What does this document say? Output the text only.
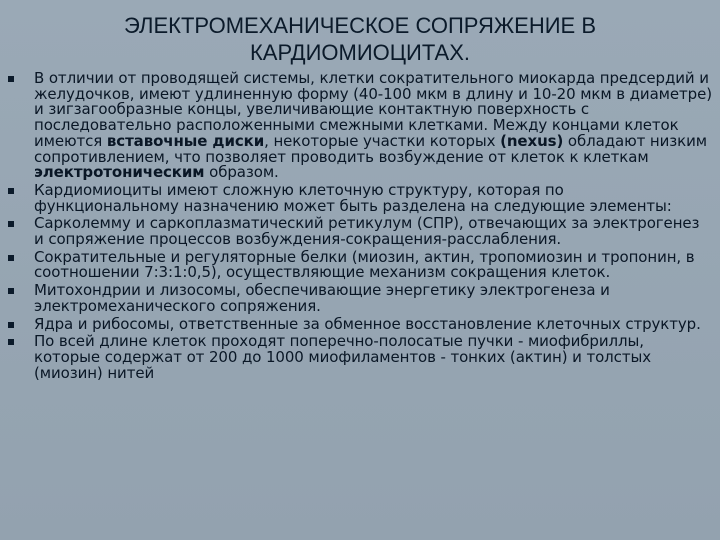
ЭЛЕКТРОМЕХАНИЧЕСКОЕ СОПРЯЖЕНИЕ В
КАРДИОМИОЦИТАХ.
В отличии от проводящей системы, клетки сократительного миокарда предсердий и желудочков, имеют удлиненную форму (40-100 мкм в длину и 10-20 мкм в диаметре) и зигзагообразные концы, увеличивающие контактную поверхность с последовательно расположенными смежными клетками. Между концами клеток имеются вставочные диски, некоторые участки которых (nexus) обладают низким сопротивлением, что позволяет проводить возбуждение от клеток к клеткам электротоническим образом.
Кардиомиоциты имеют сложную клеточную структуру, которая по функциональному назначению может быть разделена на следующие элементы:
Сарколемму и саркоплазматический ретикулум (СПР), отвечающих за электрогенез и сопряжение процессов возбуждения-сокращения-расслабления.
Сократительные и регуляторные белки (миозин, актин, тропомиозин и тропонин, в соотношении 7:3:1:0,5), осуществляющие механизм сокращения клеток.
Митохондрии и лизосомы, обеспечивающие энергетику электрогенеза и электромеханического сопряжения.
Ядра и рибосомы, ответственные за обменное восстановление клеточных структур.
По всей длине клеток проходят поперечно-полосатые пучки - миофибриллы, которые содержат от 200 до 1000 миофиламентов - тонких (актин) и толстых (миозин) нитей
